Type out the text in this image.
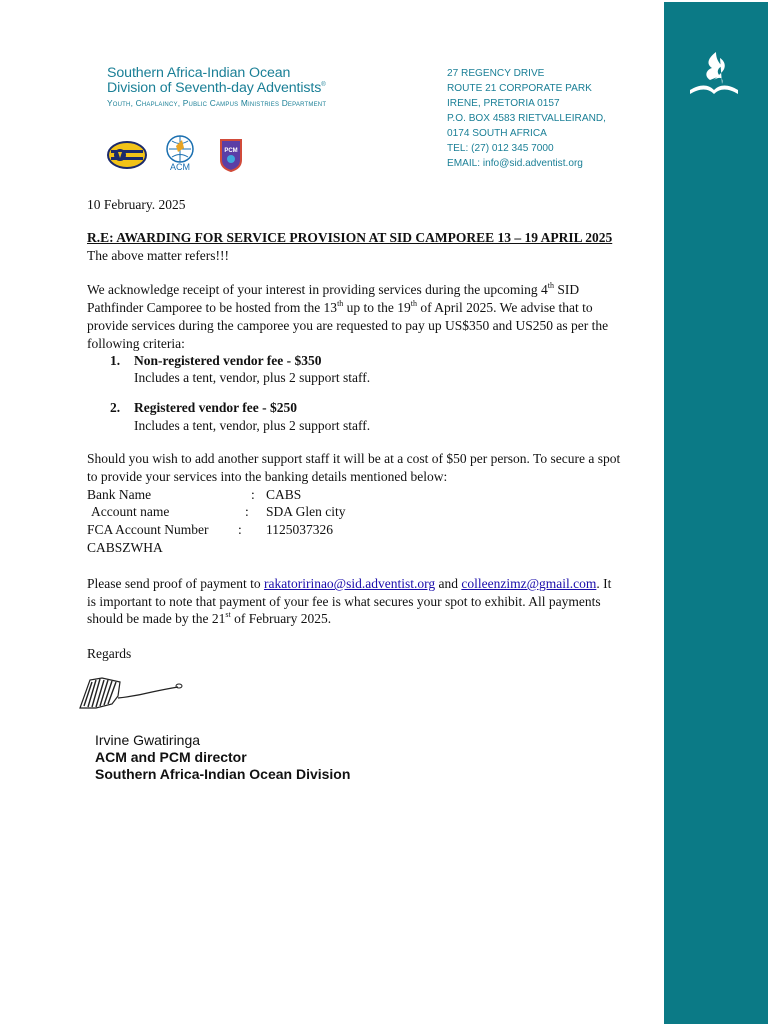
Southern Africa-Indian Ocean
Division of Seventh-day Adventists®
Youth, Chaplaincy, Public Campus Ministries Department
27 REGENCY DRIVE
ROUTE 21 CORPORATE PARK
IRENE, PRETORIA 0157
P.O. BOX 4583 RIETVALLEIRAND,
0174 SOUTH AFRICA
TEL: (27) 012 345 7000
EMAIL: info@sid.adventist.org
ACM
PCM
10 February. 2025
R.E: AWARDING FOR SERVICE PROVISION AT SID CAMPOREE 13 – 19 APRIL 2025
The above matter refers!!!
We acknowledge receipt of your interest in providing services during the upcoming 4th SID
Pathfinder Camporee to be hosted from the 13th up to the 19th of April 2025. We advise that to
provide services during the camporee you are requested to pay up US$350 and US250 as per the
following criteria:
1. Non-registered vendor fee - $350
Includes a tent, vendor, plus 2 support staff.
2. Registered vendor fee - $250
Includes a tent, vendor, plus 2 support staff.
Should you wish to add another support staff it will be at a cost of $50 per person. To secure a spot
to provide your services into the banking details mentioned below:
Bank Name	: CABS
Account name	: SDA Glen city
FCA Account Number : 1125037326
CABSZWHA
Please send proof of payment to rakatoririnao@sid.adventist.org and colleenzimz@gmail.com. It
is important to note that payment of your fee is what secures your spot to exhibit. All payments
should be made by the 21st of February 2025.
Regards
Irvine Gwatiringa
ACM and PCM director
Southern Africa-Indian Ocean Division
